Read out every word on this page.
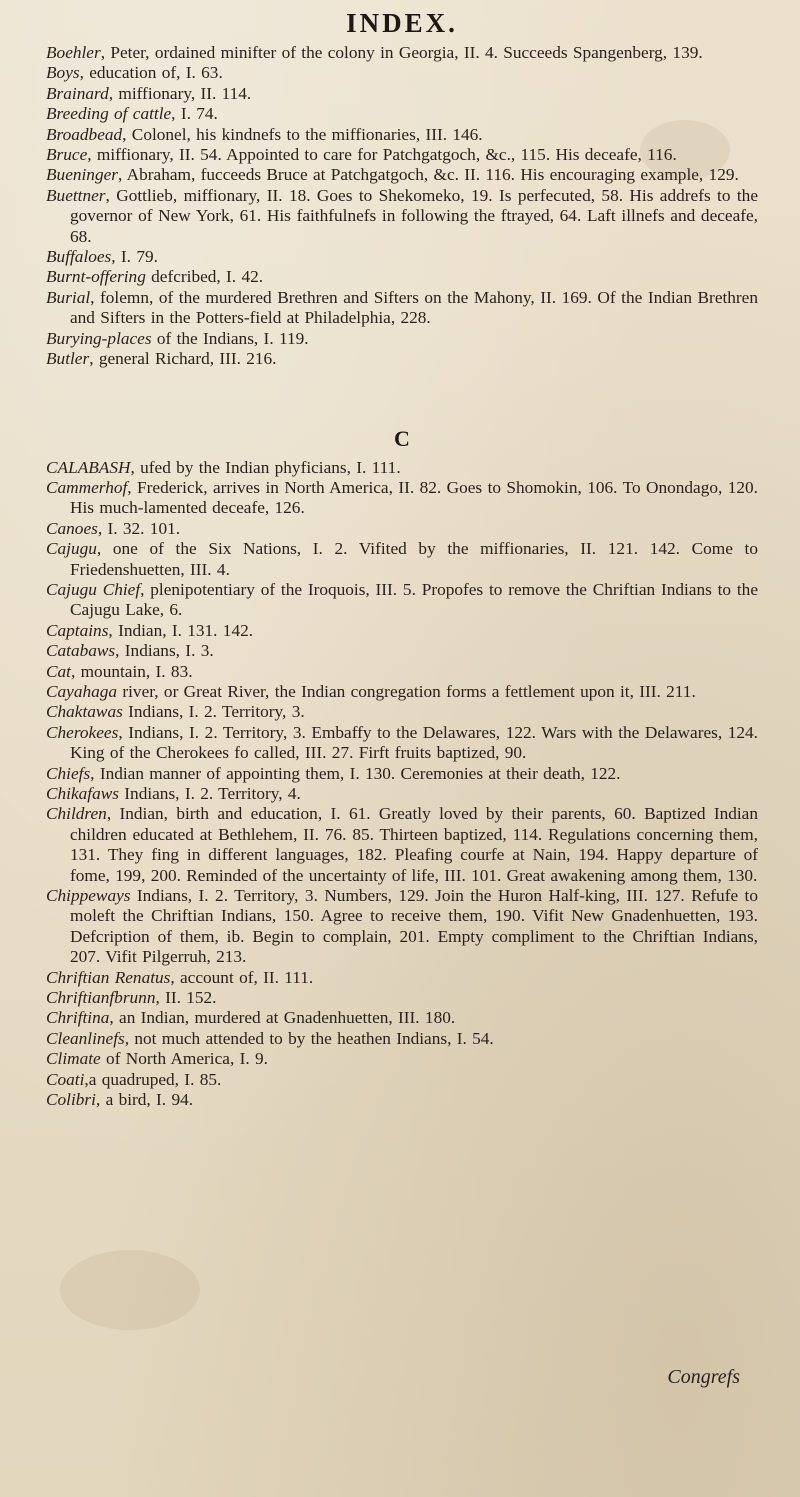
INDEX.

Boehler, Peter, ordained minifter of the colony in Georgia, II. 4. Succeeds Spangenberg, 139.

Boys, education of, I. 63.

Brainard, miffionary, II. 114.

Breeding of cattle, I. 74.

Broadbead, Colonel, his kindnefs to the miffionaries, III. 146.

Bruce, miffionary, II. 54. Appointed to care for Patchgatgoch, &c., 115. His deceafe, 116.

Bueninger, Abraham, fucceeds Bruce at Patchgatgoch, &c. II. 116. His encouraging example, 129.

Buettner, Gottlieb, miffionary, II. 18. Goes to Shekomeko, 19. Is perfecuted, 58. His addrefs to the governor of New York, 61. His faithfulnefs in following the ftrayed, 64. Laft illnefs and deceafe, 68.

Buffaloes, I. 79.

Burnt-offering defcribed, I. 42.

Burial, folemn, of the murdered Brethren and Sifters on the Mahony, II. 169. Of the Indian Brethren and Sifters in the Potters-field at Philadelphia, 228.

Burying-places of the Indians, I. 119.

Butler, general Richard, III. 216.

C

CALABASH, ufed by the Indian phyficians, I. 111.

Cammerhof, Frederick, arrives in North America, II. 82. Goes to Shomokin, 106. To Onondago, 120. His much-lamented deceafe, 126.

Canoes, I. 32. 101.

Cajugu, one of the Six Nations, I. 2. Vifited by the miffionaries, II. 121. 142. Come to Friedenshuetten, III. 4.

Cajugu Chief, plenipotentiary of the Iroquois, III. 5. Propofes to remove the Chriftian Indians to the Cajugu Lake, 6.

Captains, Indian, I. 131. 142.

Catabaws, Indians, I. 3.

Cat, mountain, I. 83.

Cayahaga river, or Great River, the Indian congregation forms a fettlement upon it, III. 211.

Chaktawas Indians, I. 2. Territory, 3.

Cherokees, Indians, I. 2. Territory, 3. Embaffy to the Delawares, 122. Wars with the Delawares, 124. King of the Cherokees fo called, III. 27. Firft fruits baptized, 90.

Chiefs, Indian manner of appointing them, I. 130. Ceremonies at their death, 122.

Chikafaws Indians, I. 2. Territory, 4.

Children, Indian, birth and education, I. 61. Greatly loved by their parents, 60. Baptized Indian children educated at Bethlehem, II. 76. 85. Thirteen baptized, 114. Regulations concerning them, 131. They fing in different languages, 182. Pleafing courfe at Nain, 194. Happy departure of fome, 199, 200. Reminded of the uncertainty of life, III. 101. Great awakening among them, 130.

Chippeways Indians, I. 2. Territory, 3. Numbers, 129. Join the Huron Half-king, III. 127. Refufe to moleft the Chriftian Indians, 150. Agree to receive them, 190. Vifit New Gnadenhuetten, 193. Defcription of them, ib. Begin to complain, 201. Empty compliment to the Chriftian Indians, 207. Vifit Pilgerruh, 213.

Chriftian Renatus, account of, II. 111.

Chriftianfbrunn, II. 152.

Chriftina, an Indian, murdered at Gnadenhuetten, III. 180.

Cleanlinefs, not much attended to by the heathen Indians, I. 54.

Climate of North America, I. 9.

Coati,a quadruped, I. 85.

Colibri, a bird, I. 94.

Congrefs
